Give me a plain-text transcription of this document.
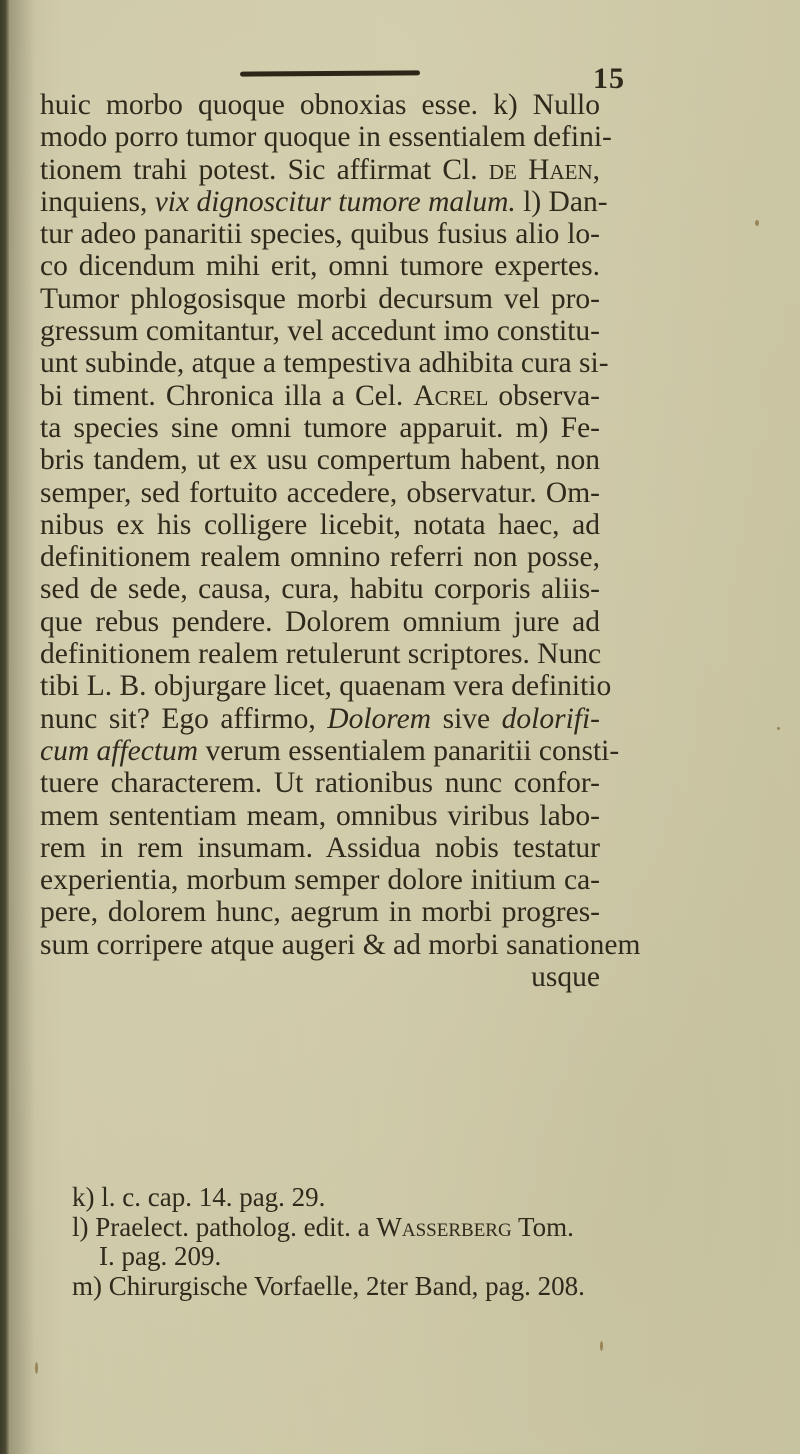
15
huic morbo quoque obnoxias esse. k) Nullo
modo porro tumor quoque in essentialem defini-
tionem trahi potest. Sic affirmat Cl. de Haen,
inquiens, vix dignoscitur tumore malum. l) Dan-
tur adeo panaritii species, quibus fusius alio lo-
co dicendum mihi erit, omni tumore expertes.
Tumor phlogosisque morbi decursum vel pro-
gressum comitantur, vel accedunt imo constitu-
unt subinde, atque a tempestiva adhibita cura si-
bi timent. Chronica illa a Cel. Acrel observa-
ta species sine omni tumore apparuit. m) Fe-
bris tandem, ut ex usu compertum habent, non
semper, sed fortuito accedere, observatur. Om-
nibus ex his colligere licebit, notata haec, ad
definitionem realem omnino referri non posse,
sed de sede, causa, cura, habitu corporis aliis-
que rebus pendere. Dolorem omnium jure ad
definitionem realem retulerunt scriptores. Nunc
tibi L. B. objurgare licet, quaenam vera definitio
nunc sit? Ego affirmo, Dolorem sive dolorifi-
cum affectum verum essentialem panaritii consti-
tuere characterem. Ut rationibus nunc confor-
mem sententiam meam, omnibus viribus labo-
rem in rem insumam. Assidua nobis testatur
experientia, morbum semper dolore initium ca-
pere, dolorem hunc, aegrum in morbi progres-
sum corripere atque augeri & ad morbi sanationem
usque
k) l. c. cap. 14. pag. 29.
l) Praelect. patholog. edit. a Wasserberg Tom.
I. pag. 209.
m) Chirurgische Vorfaelle, 2ter Band, pag. 208.
